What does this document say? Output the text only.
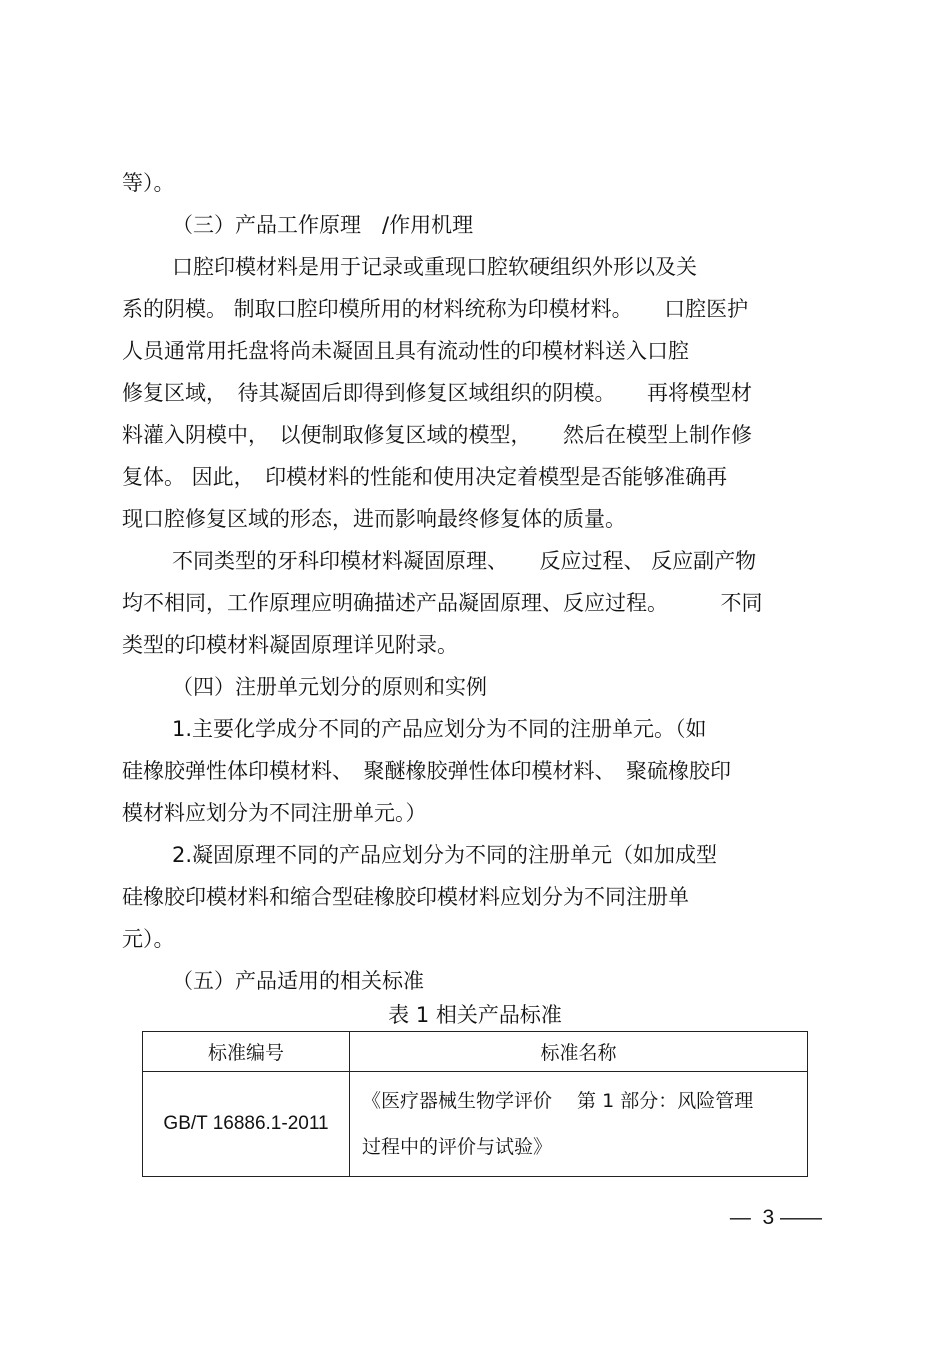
等）。
（三）产品工作原理　/作用机理
口腔印模材料是用于记录或重现口腔软硬组织外形以及关
系的阴模。 制取口腔印模所用的材料统称为印模材料。　　口腔医护
人员通常用托盘将尚未凝固且具有流动性的印模材料送入口腔
修复区域，　待其凝固后即得到修复区域组织的阴模。　　再将模型材
料灌入阴模中，　以便制取修复区域的模型，　　然后在模型上制作修
复体。 因此，　印模材料的性能和使用决定着模型是否能够准确再
现口腔修复区域的形态，进而影响最终修复体的质量。
不同类型的牙科印模材料凝固原理、　　反应过程、 反应副产物
均不相同，工作原理应明确描述产品凝固原理、反应过程。　　　不同
类型的印模材料凝固原理详见附录。
（四）注册单元划分的原则和实例
1.主要化学成分不同的产品应划分为不同的注册单元。（如
硅橡胶弹性体印模材料、　聚醚橡胶弹性体印模材料、　聚硫橡胶印
模材料应划分为不同注册单元。）
2.凝固原理不同的产品应划分为不同的注册单元（如加成型
硅橡胶印模材料和缩合型硅橡胶印模材料应划分为不同注册单
元）。
（五）产品适用的相关标准
表 1 相关产品标准
标准编号	标准名称
GB/T 16886.1-2011	《医疗器械生物学评价　 第 1 部分：风险管理
过程中的评价与试验》
—  3 ——
